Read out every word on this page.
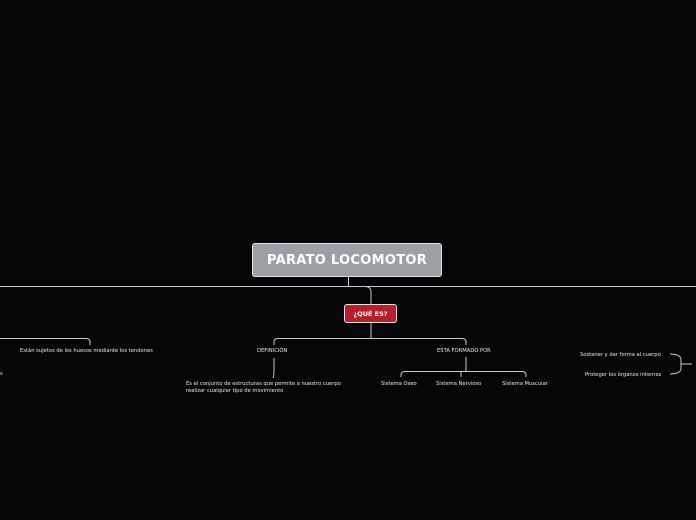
PARATO LOCOMOTOR
¿QUÉ ES?
Están sujetos de los huesos mediante los tendones
s
DEFINICIÓN
Es el conjunto de estructuras que permite a nuestro cuerpo realizar cualquier tipo de movimiento
ESTA FORMADO POR
Sistema Oseo	Sistema Nervioso	Sistema Muscular
Sostener y dar forma al cuerpo
Proteger los órganos internos
